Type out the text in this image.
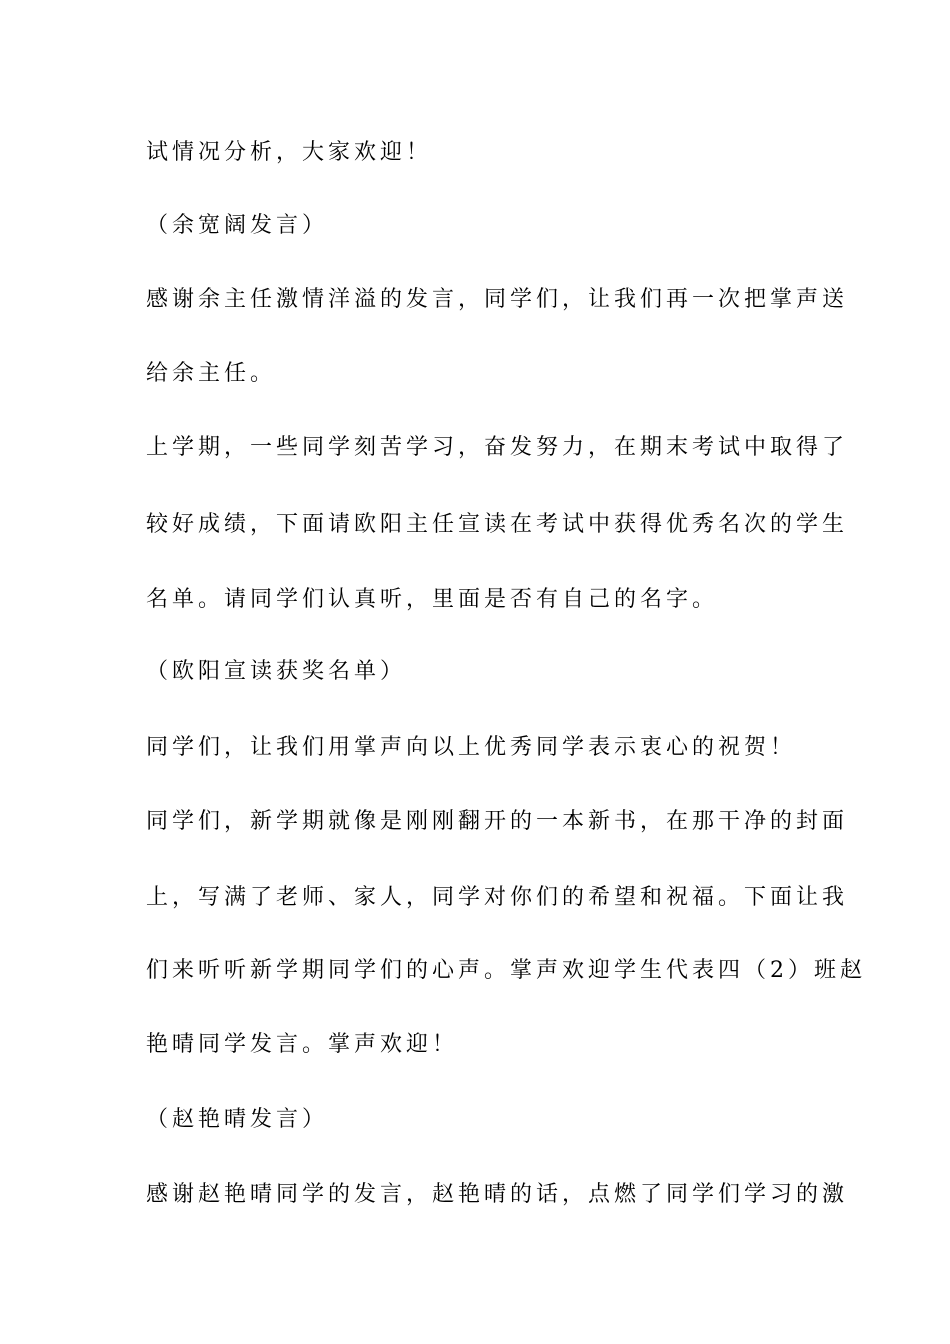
试情况分析，大家欢迎！
（余宽阔发言）
感谢余主任激情洋溢的发言，同学们，让我们再一次把掌声送
给余主任。
上学期，一些同学刻苦学习，奋发努力，在期末考试中取得了
较好成绩，下面请欧阳主任宣读在考试中获得优秀名次的学生
名单。请同学们认真听，里面是否有自己的名字。
（欧阳宣读获奖名单）
同学们，让我们用掌声向以上优秀同学表示衷心的祝贺！
同学们，新学期就像是刚刚翻开的一本新书，在那干净的封面
上，写满了老师、家人，同学对你们的希望和祝福。下面让我
们来听听新学期同学们的心声。掌声欢迎学生代表四（2）班赵
艳晴同学发言。掌声欢迎！
（赵艳晴发言）
感谢赵艳晴同学的发言，赵艳晴的话，点燃了同学们学习的激
